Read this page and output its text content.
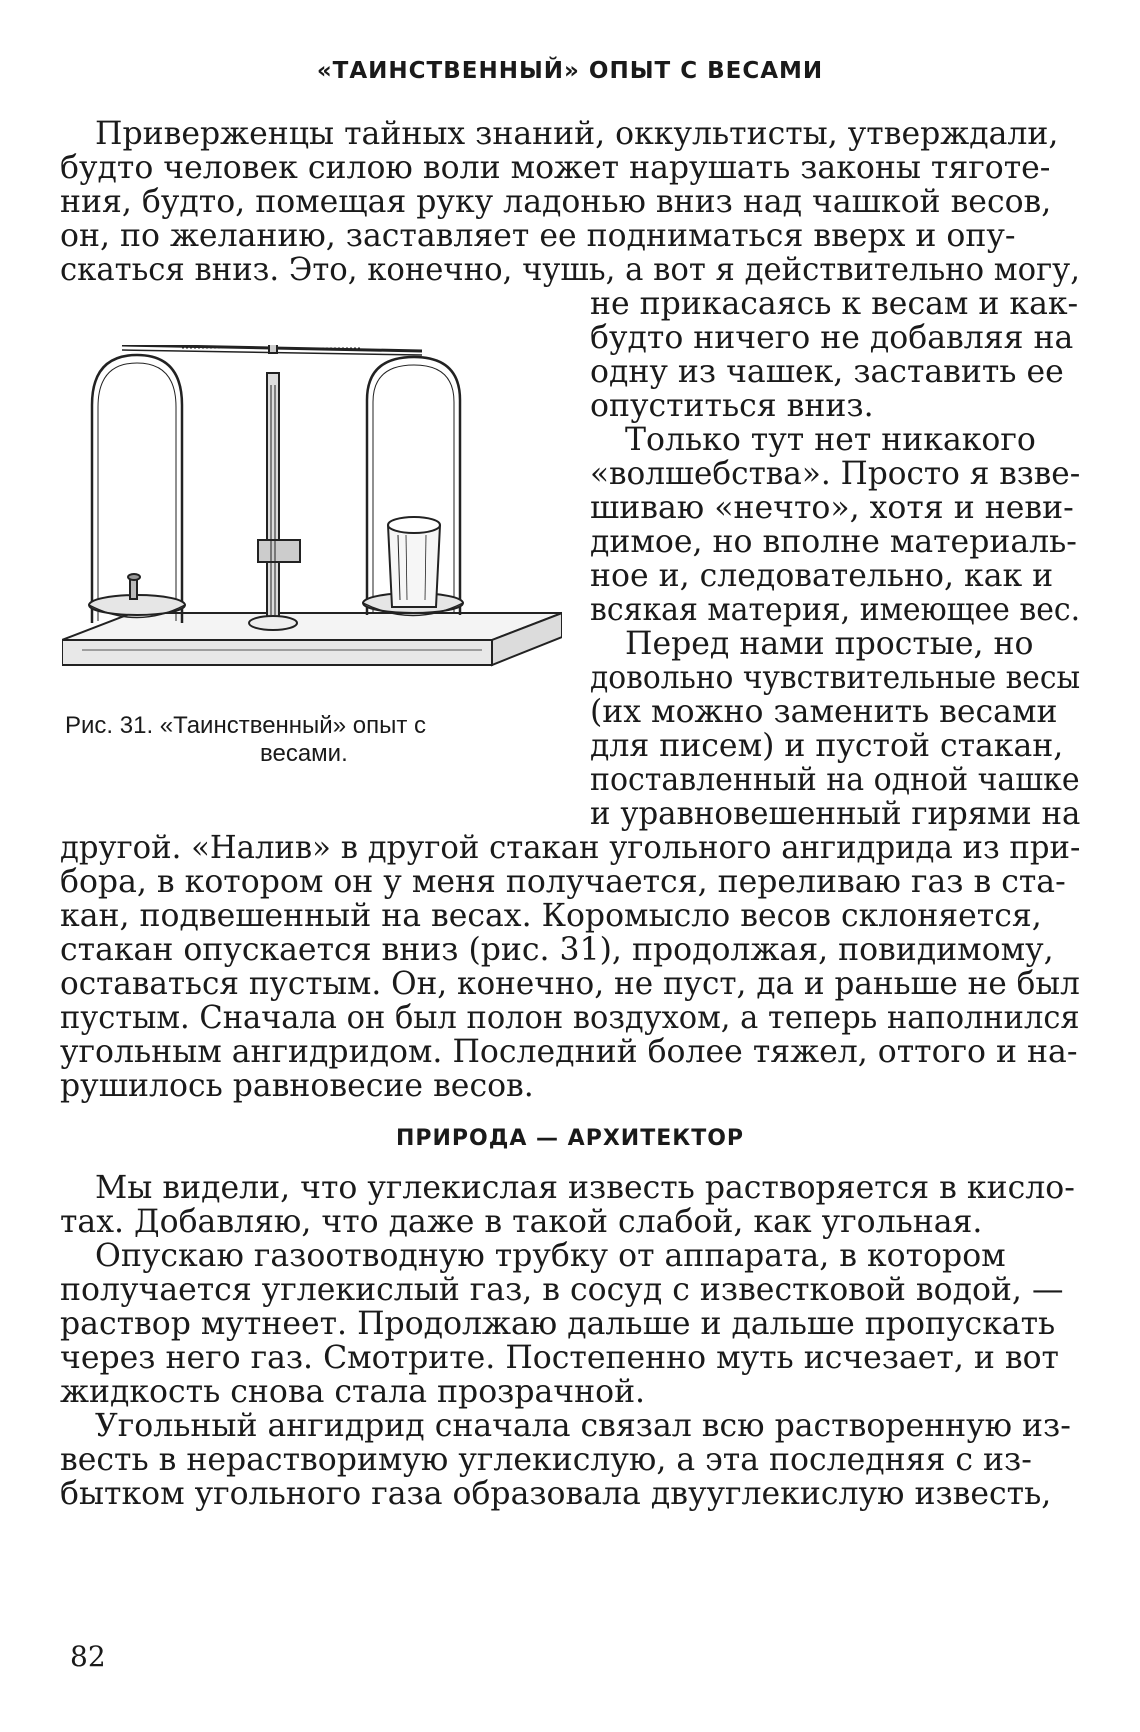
«ТАИНСТВЕННЫЙ» ОПЫТ С ВЕСАМИ
Приверженцы тайных знаний, оккультисты, утверждали,
будто человек силою воли может нарушать законы тяготе-
ния, будто, помещая руку ладонью вниз над чашкой весов,
он, по желанию, заставляет ее подниматься вверх и опу-
скаться вниз. Это, конечно, чушь, а вот я действительно могу,
не прикасаясь к весам и как-
будто ничего не добавляя на
одну из чашек, заставить ее
опуститься вниз.
Только тут нет никакого
«волшебства». Просто я взве-
шиваю «нечто», хотя и неви-
димое, но вполне материаль-
ное и, следовательно, как и
всякая материя, имеющее вес.
Перед нами простые, но
довольно чувствительные весы
(их можно заменить весами
для писем) и пустой стакан,
поставленный на одной чашке
и уравновешенный гирями на
другой. «Налив» в другой стакан угольного ангидрида из при-
бора, в котором он у меня получается, переливаю газ в ста-
кан, подвешенный на весах. Коромысло весов склоняется,
стакан опускается вниз (рис. 31), продолжая, повидимому,
оставаться пустым. Он, конечно, не пуст, да и раньше не был
пустым. Сначала он был полон воздухом, а теперь наполнился
угольным ангидридом. Последний более тяжел, оттого и на-
рушилось равновесие весов.
Рис. 31. «Таинственный» опыт с
весами.
ПРИРОДА — АРХИТЕКТОР
Мы видели, что углекислая известь растворяется в кисло-
тах. Добавляю, что даже в такой слабой, как угольная.
Опускаю газоотводную трубку от аппарата, в котором
получается углекислый газ, в сосуд с известковой водой, —
раствор мутнеет. Продолжаю дальше и дальше пропускать
через него газ. Смотрите. Постепенно муть исчезает, и вот
жидкость снова стала прозрачной.
Угольный ангидрид сначала связал всю растворенную из-
весть в нерастворимую углекислую, а эта последняя с из-
бытком угольного газа образовала двууглекислую известь,
82
